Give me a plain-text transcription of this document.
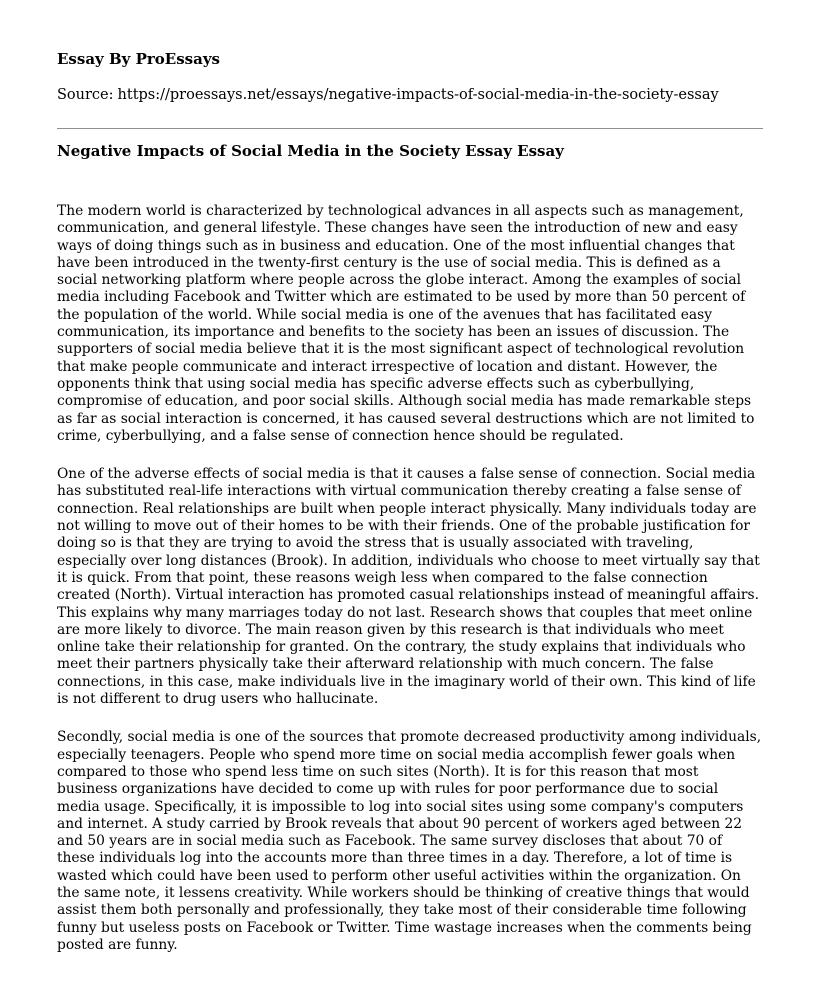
Essay By ProEssays

Source: https://proessays.net/essays/negative-impacts-of-social-media-in-the-society-essay

Negative Impacts of Social Media in the Society Essay Essay

The modern world is characterized by technological advances in all aspects such as management, communication, and general lifestyle. These changes have seen the introduction of new and easy ways of doing things such as in business and education. One of the most influential changes that have been introduced in the twenty-first century is the use of social media. This is defined as a social networking platform where people across the globe interact. Among the examples of social media including Facebook and Twitter which are estimated to be used by more than 50 percent of the population of the world. While social media is one of the avenues that has facilitated easy communication, its importance and benefits to the society has been an issues of discussion. The supporters of social media believe that it is the most significant aspect of technological revolution that make people communicate and interact irrespective of location and distant. However, the opponents think that using social media has specific adverse effects such as cyberbullying, compromise of education, and poor social skills. Although social media has made remarkable steps as far as social interaction is concerned, it has caused several destructions which are not limited to crime, cyberbullying, and a false sense of connection hence should be regulated.

One of the adverse effects of social media is that it causes a false sense of connection. Social media has substituted real-life interactions with virtual communication thereby creating a false sense of connection. Real relationships are built when people interact physically. Many individuals today are not willing to move out of their homes to be with their friends. One of the probable justification for doing so is that they are trying to avoid the stress that is usually associated with traveling, especially over long distances (Brook). In addition, individuals who choose to meet virtually say that it is quick. From that point, these reasons weigh less when compared to the false connection created (North). Virtual interaction has promoted casual relationships instead of meaningful affairs. This explains why many marriages today do not last. Research shows that couples that meet online are more likely to divorce. The main reason given by this research is that individuals who meet online take their relationship for granted. On the contrary, the study explains that individuals who meet their partners physically take their afterward relationship with much concern. The false connections, in this case, make individuals live in the imaginary world of their own. This kind of life is not different to drug users who hallucinate.

Secondly, social media is one of the sources that promote decreased productivity among individuals, especially teenagers. People who spend more time on social media accomplish fewer goals when compared to those who spend less time on such sites (North). It is for this reason that most business organizations have decided to come up with rules for poor performance due to social media usage. Specifically, it is impossible to log into social sites using some company's computers and internet. A study carried by Brook reveals that about 90 percent of workers aged between 22 and 50 years are in social media such as Facebook. The same survey discloses that about 70 of these individuals log into the accounts more than three times in a day. Therefore, a lot of time is wasted which could have been used to perform other useful activities within the organization. On the same note, it lessens creativity. While workers should be thinking of creative things that would assist them both personally and professionally, they take most of their considerable time following funny but useless posts on Facebook or Twitter. Time wastage increases when the comments being posted are funny.
